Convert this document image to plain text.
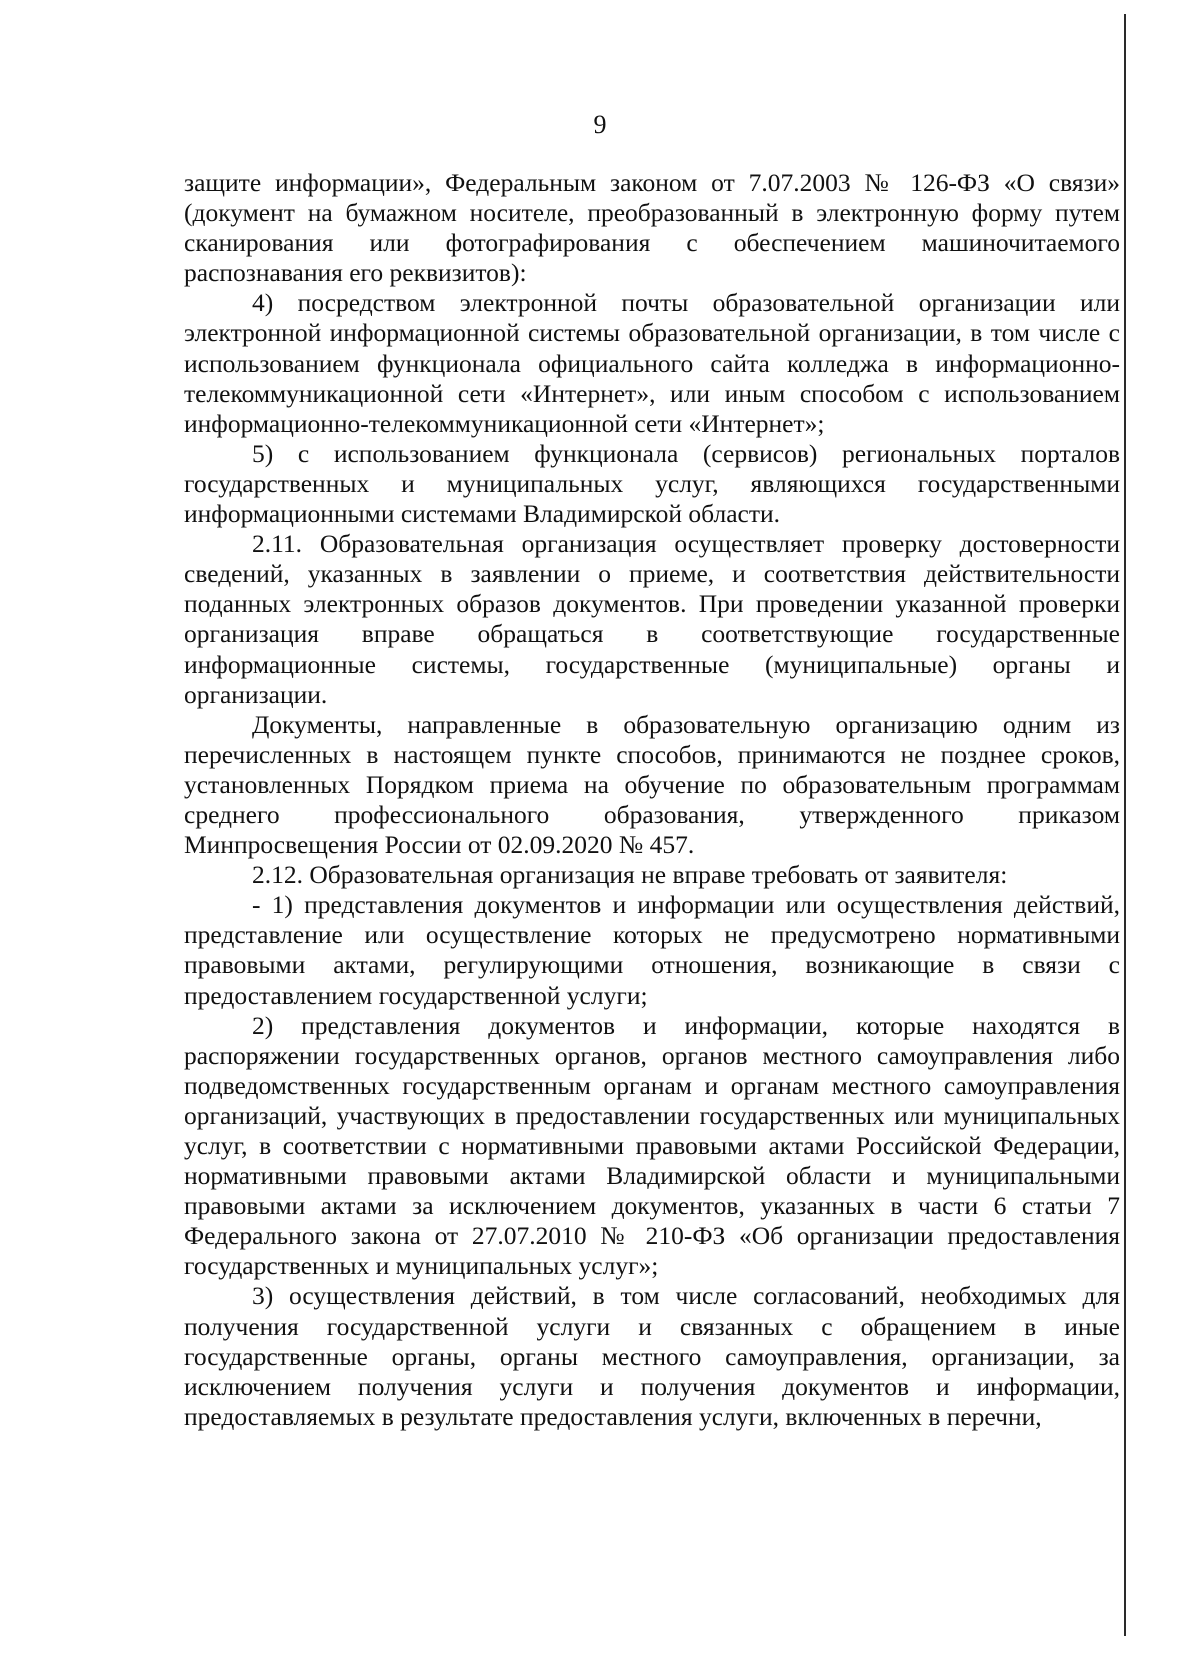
9

защите информации», Федеральным законом от 7.07.2003 № 126-ФЗ «О связи» (документ на бумажном носителе, преобразованный в электронную форму путем сканирования или фотографирования с обеспечением машиночитаемого распознавания его реквизитов):

4) посредством электронной почты образовательной организации или электронной информационной системы образовательной организации, в том числе с использованием функционала официального сайта колледжа в информационно-телекоммуникационной сети «Интернет», или иным способом с использованием информационно-телекоммуникационной сети «Интернет»;

5) с использованием функционала (сервисов) региональных порталов государственных и муниципальных услуг, являющихся государственными информационными системами Владимирской области.

2.11. Образовательная организация осуществляет проверку достоверности сведений, указанных в заявлении о приеме, и соответствия действительности поданных электронных образов документов. При проведении указанной проверки организация вправе обращаться в соответствующие государственные информационные системы, государственные (муниципальные) органы и организации.

Документы, направленные в образовательную организацию одним из перечисленных в настоящем пункте способов, принимаются не позднее сроков, установленных Порядком приема на обучение по образовательным программам среднего профессионального образования, утвержденного приказом Минпросвещения России от 02.09.2020 № 457.

2.12. Образовательная организация не вправе требовать от заявителя:

- 1) представления документов и информации или осуществления действий, представление или осуществление которых не предусмотрено нормативными правовыми актами, регулирующими отношения, возникающие в связи с предоставлением государственной услуги;

2) представления документов и информации, которые находятся в распоряжении государственных органов, органов местного самоуправления либо подведомственных государственным органам и органам местного самоуправления организаций, участвующих в предоставлении государственных или муниципальных услуг, в соответствии с нормативными правовыми актами Российской Федерации, нормативными правовыми актами Владимирской области и муниципальными правовыми актами за исключением документов, указанных в части 6 статьи 7 Федерального закона от 27.07.2010 № 210-ФЗ «Об организации предоставления государственных и муниципальных услуг»;

3) осуществления действий, в том числе согласований, необходимых для получения государственной услуги и связанных с обращением в иные государственные органы, органы местного самоуправления, организации, за исключением получения услуги и получения документов и информации, предоставляемых в результате предоставления услуги, включенных в перечни,
